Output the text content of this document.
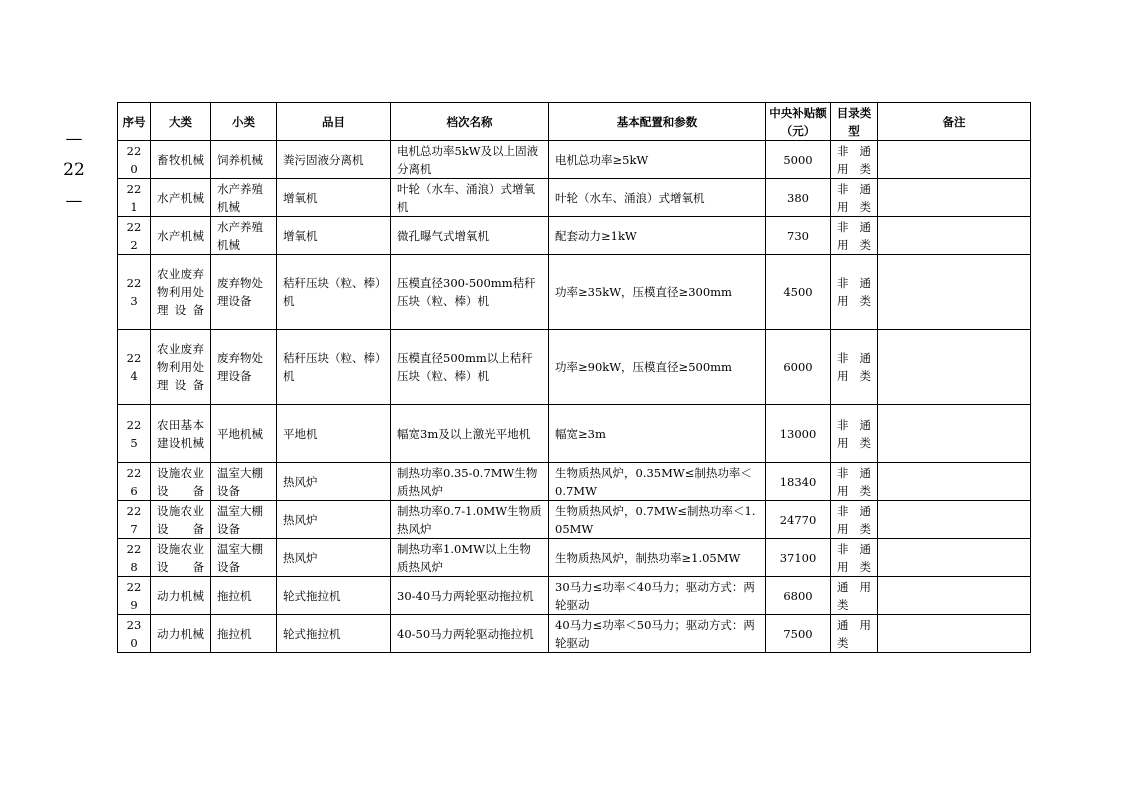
—
22
—
序号	大类	小类	品目	档次名称	基本配置和参数	中央补贴额（元）	目录类型	备注
220	畜牧机械	饲养机械	粪污固液分离机	电机总功率5kW及以上固液分离机	电机总功率≥5kW	5000	非通用类	
221	水产机械	水产养殖机械	增氧机	叶轮（水车、涌浪）式增氧机	叶轮（水车、涌浪）式增氧机	380	非通用类	
222	水产机械	水产养殖机械	增氧机	微孔曝气式增氧机	配套动力≥1kW	730	非通用类	
223	农业废弃物利用处理设备	废弃物处理设备	秸秆压块（粒、棒）机	压模直径300-500mm秸秆压块（粒、棒）机	功率≥35kW，压模直径≥300mm	4500	非通用类	
224	农业废弃物利用处理设备	废弃物处理设备	秸秆压块（粒、棒）机	压模直径500mm以上秸秆压块（粒、棒）机	功率≥90kW，压模直径≥500mm	6000	非通用类	
225	农田基本建设机械	平地机械	平地机	幅宽3m及以上激光平地机	幅宽≥3m	13000	非通用类	
226	设施农业设备	温室大棚设备	热风炉	制热功率0.35-0.7MW生物质热风炉	生物质热风炉，0.35MW≤制热功率＜0.7MW	18340	非通用类	
227	设施农业设备	温室大棚设备	热风炉	制热功率0.7-1.0MW生物质热风炉	生物质热风炉，0.7MW≤制热功率＜1.05MW	24770	非通用类	
228	设施农业设备	温室大棚设备	热风炉	制热功率1.0MW以上生物质热风炉	生物质热风炉，制热功率≥1.05MW	37100	非通用类	
229	动力机械	拖拉机	轮式拖拉机	30-40马力两轮驱动拖拉机	30马力≤功率＜40马力；驱动方式：两轮驱动	6800	通用类	
230	动力机械	拖拉机	轮式拖拉机	40-50马力两轮驱动拖拉机	40马力≤功率＜50马力；驱动方式：两轮驱动	7500	通用类	
